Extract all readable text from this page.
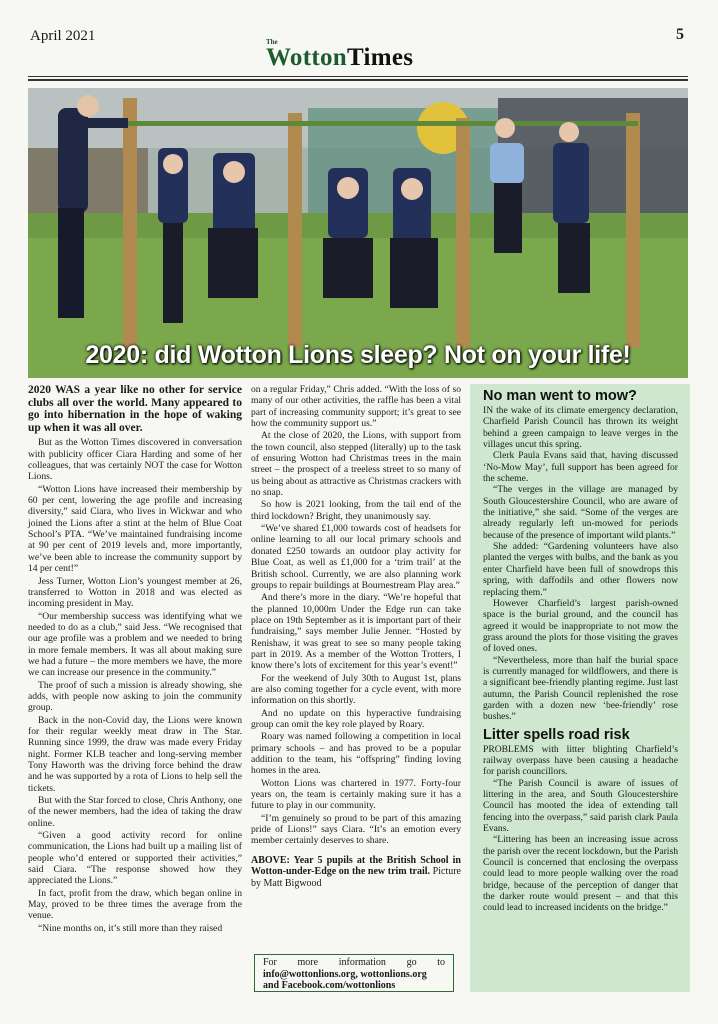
April 2021	The
WottonTimes
5
2020: did Wotton Lions sleep? Not on your life!

2020 WAS a year like no other for service clubs all over the world. Many appeared to go into hibernation in the hope of waking up when it was all over.

But as the Wotton Times discovered in conversation with publicity officer Ciara Harding and some of her colleagues, that was certainly NOT the case for Wotton Lions.

“Wotton Lions have increased their membership by 60 per cent, lowering the age profile and increasing diversity,” said Ciara, who lives in Wickwar and who joined the Lions after a stint at the helm of Blue Coat School’s PTA. “We’ve maintained fundraising income at 90 per cent of 2019 levels and, more importantly, we’ve been able to increase the community support by 14 per cent!”

Jess Turner, Wotton Lion’s youngest member at 26, transferred to Wotton in 2018 and was elected as incoming president in May.

“Our membership success was identifying what we needed to do as a club,” said Jess. “We recognised that our age profile was a problem and we needed to bring in more female members. It was all about making sure we had a future – the more members we have, the more we can increase our presence in the community.”

The proof of such a mission is already showing, she adds, with people now asking to join the community group.

Back in the non-Covid day, the Lions were known for their regular weekly meat draw in The Star. Running since 1999, the draw was made every Friday night. Former KLB teacher and long-serving member Tony Haworth was the driving force behind the draw and he was supported by a rota of Lions to help sell the tickets.

But with the Star forced to close, Chris Anthony, one of the newer members, had the idea of taking the draw online.

“Given a good activity record for online communication, the Lions had built up a mailing list of people who’d entered or supported their activities,” said Ciara. “The response showed how they appreciated the Lions.”

In fact, profit from the draw, which began online in May, proved to be three times the average from the venue.

“Nine months on, it’s still more than they raised

on a regular Friday,” Chris added. “With the loss of so many of our other activities, the raffle has been a vital part of increasing community support; it’s great to see how the community support us.”

At the close of 2020, the Lions, with support from the town council, also stepped (literally) up to the task of ensuring Wotton had Christmas trees in the main street – the prospect of a treeless street to so many of us being about as attractive as Christmas crackers with no snap.

So how is 2021 looking, from the tail end of the third lockdown? Bright, they unanimously say.

“We’ve shared £1,000 towards cost of headsets for online learning to all our local primary schools and donated £250 towards an outdoor play activity for Blue Coat, as well as £1,000 for a ‘trim trail’ at the British school. Currently, we are also planning work groups to repair buildings at Bournestream Play area.”

And there’s more in the diary. “We’re hopeful that the planned 10,000m Under the Edge run can take place on 19th September as it is important part of their fundraising,” says member Julie Jenner. “Hosted by Renishaw, it was great to see so many people taking part in 2019. As a member of the Wotton Trotters, I know there’s lots of excitement for this year’s event!”

For the weekend of July 30th to August 1st, plans are also coming together for a cycle event, with more information on this shortly.

And no update on this hyperactive fundraising group can omit the key role played by Roary.

Roary was named following a competition in local primary schools – and has proved to be a popular addition to the team, his “offspring” finding loving homes in the area.

Wotton Lions was chartered in 1977. Forty-four years on, the team is certainly making sure it has a future to play in our community.

“I’m genuinely so proud to be part of this amazing pride of Lions!” says Ciara. “It’s an emotion every member certainly deserves to share.

ABOVE: Year 5 pupils at the British School in Wotton-under-Edge on the new trim trail. Picture by Matt Bigwood

For more information go to
info@wottonlions.org, wottonlions.org
and Facebook.com/wottonlions
No man went to mow?

IN the wake of its climate emergency declaration, Charfield Parish Council has thrown its weight behind a green campaign to leave verges in the villages uncut this spring.

Clerk Paula Evans said that, having discussed ‘No-Mow May’, full support has been agreed for the scheme.

“The verges in the village are managed by South Gloucestershire Council, who are aware of the initiative,” she said. “Some of the verges are already regularly left un-mowed for periods because of the presence of important wild plants.”

She added: “Gardening volunteers have also planted the verges with bulbs, and the bank as you enter Charfield have been full of snowdrops this spring, with daffodils and other flowers now replacing them.”

However Charfield’s largest parish-owned space is the burial ground, and the council has agreed it would be inappropriate to not mow the grass around the plots for those visiting the graves of loved ones.

“Nevertheless, more than half the burial space is currently managed for wildflowers, and there is a significant bee-friendly planting regime. Just last autumn, the Parish Council replenished the rose garden with a dozen new ‘bee-friendly’ rose bushes.”

Litter spells road risk

PROBLEMS with litter blighting Charfield’s railway overpass have been causing a headache for parish councillors.

“The Parish Council is aware of issues of littering in the area, and South Gloucestershire Council has mooted the idea of extending tall fencing into the overpass,” said parish clark Paula Evans.

“Littering has been an increasing issue across the parish over the recent lockdown, but the Parish Council is concerned that enclosing the overpass could lead to more people walking over the road bridge, because of the perception of danger that the darker route would present – and that this could lead to increased incidents on the bridge.”
